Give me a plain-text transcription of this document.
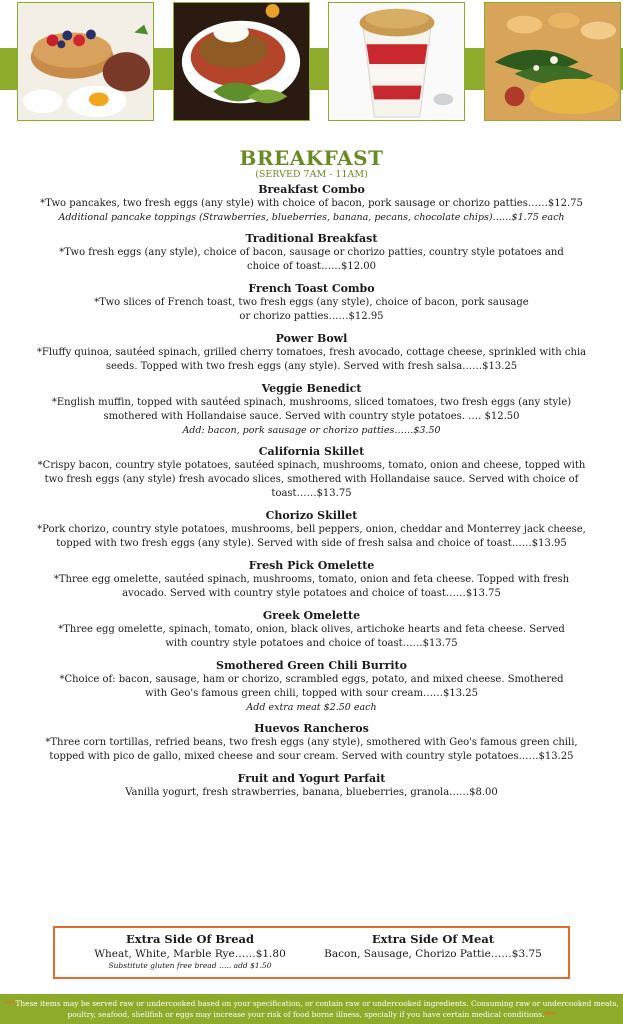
BREAKFAST
(SERVED 7AM - 11AM)
Breakfast Combo
*Two pancakes, two fresh eggs (any style) with choice of bacon, pork sausage or chorizo patties……$12.75
Additional pancake toppings (Strawberries, blueberries, banana, pecans, chocolate chips)……$1.75 each
Traditional Breakfast
*Two fresh eggs (any style), choice of bacon, sausage or chorizo patties, country style potatoes and choice of toast……$12.00
French Toast Combo
*Two slices of French toast, two fresh eggs (any style), choice of bacon, pork sausage or chorizo patties……$12.95
Power Bowl
*Fluffy quinoa, sautéed spinach, grilled cherry tomatoes, fresh avocado, cottage cheese, sprinkled with chia seeds. Topped with two fresh eggs (any style). Served with fresh salsa……$13.25
Veggie Benedict
*English muffin, topped with sautéed spinach, mushrooms, sliced tomatoes, two fresh eggs (any style) smothered with Hollandaise sauce. Served with country style potatoes. …. $12.50
Add: bacon, pork sausage or chorizo patties……$3.50
California Skillet
*Crispy bacon, country style potatoes, sautéed spinach, mushrooms, tomato, onion and cheese, topped with two fresh eggs (any style) fresh avocado slices, smothered with Hollandaise sauce. Served with choice of toast……$13.75
Chorizo Skillet
*Pork chorizo, country style potatoes, mushrooms, bell peppers, onion, cheddar and Monterrey jack cheese, topped with two fresh eggs (any style). Served with side of fresh salsa and choice of toast……$13.95
Fresh Pick Omelette
*Three egg omelette, sautéed spinach, mushrooms, tomato, onion and feta cheese. Topped with fresh avocado. Served with country style potatoes and choice of toast……$13.75
Greek Omelette
*Three egg omelette, spinach, tomato, onion, black olives, artichoke hearts and feta cheese. Served with country style potatoes and choice of toast……$13.75
Smothered Green Chili Burrito
*Choice of: bacon, sausage, ham or chorizo, scrambled eggs, potato, and mixed cheese. Smothered with Geo's famous green chili, topped with sour cream……$13.25
Add extra meat $2.50 each
Huevos Rancheros
*Three corn tortillas, refried beans, two fresh eggs (any style), smothered with Geo's famous green chili, topped with pico de gallo, mixed cheese and sour cream. Served with country style potatoes……$13.25
Fruit and Yogurt Parfait
Vanilla yogurt, fresh strawberries, banana, blueberries, granola……$8.00
Extra Side Of Bread
Wheat, White, Marble Rye……$1.80
Substitute gluten free bread ….. add $1.50
Extra Side Of Meat
Bacon, Sausage, Chorizo Pattie……$3.75
***These items may be served raw or undercooked based on your specification, or contain raw or undercooked ingredients. Consuming raw or undercooked meats, poultry, seafood, shellfish or eggs may increase your risk of food borne illness, specially if you have certain medical conditions.***
